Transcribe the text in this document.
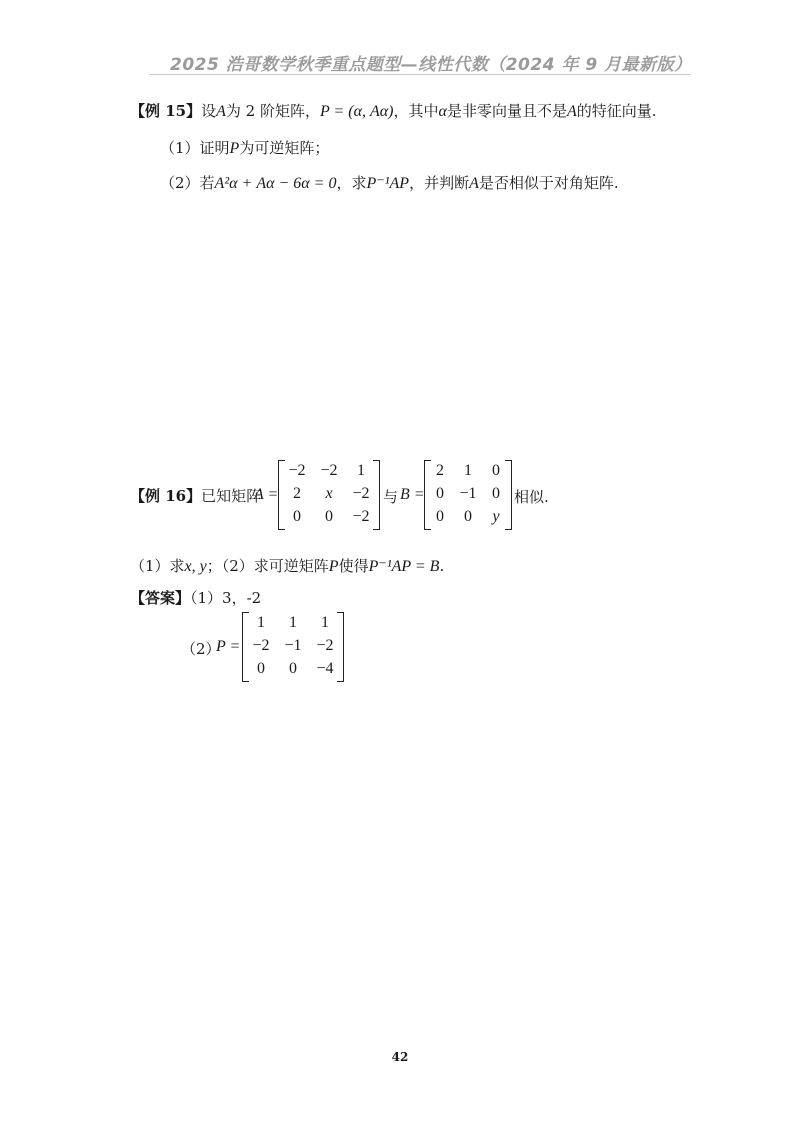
2025 浩哥数学秋季重点题型—线性代数（2024 年 9 月最新版）
【例 15】设A为 2 阶矩阵，P = (α, Aα)，其中α是非零向量且不是A的特征向量.
（1）证明P为可逆矩阵；
（2）若A²α + Aα − 6α = 0，求P⁻¹AP，并判断A是否相似于对角矩阵.
【例 16】已知矩阵
A =
−2 −2	1
2	x	−2
0	0	−2
与 B =
2	1	0
0 −1 0
0	0	y
相似.
（1）求x, y；（2）求可逆矩阵P使得P⁻¹AP = B.
【答案】（1）3，-2
（2）
P =
1	1	1
−2 −1 −2
0	0	−4
42
